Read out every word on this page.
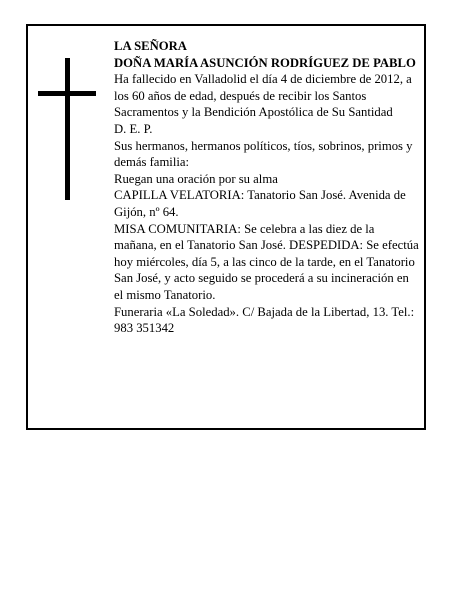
LA SEÑORA

DOÑA MARÍA ASUNCIÓN RODRÍGUEZ DE PABLO

Ha fallecido en Valladolid el día 4 de diciembre de 2012, a los 60 años de edad, después de recibir los Santos Sacramentos y la Bendición Apostólica de Su Santidad

D. E. P.

Sus hermanos, hermanos políticos, tíos, sobrinos, primos y demás familia:

Ruegan una oración por su alma

CAPILLA VELATORIA: Tanatorio San José. Avenida de Gijón, nº 64.

MISA COMUNITARIA: Se celebra a las diez de la mañana, en el Tanatorio San José. DESPEDIDA: Se efectúa hoy miércoles, día 5, a las cinco de la tarde, en el Tanatorio San José, y acto seguido se procederá a su incineración en el mismo Tanatorio.

Funeraria «La Soledad». C/ Bajada de la Libertad, 13. Tel.: 983 351342
